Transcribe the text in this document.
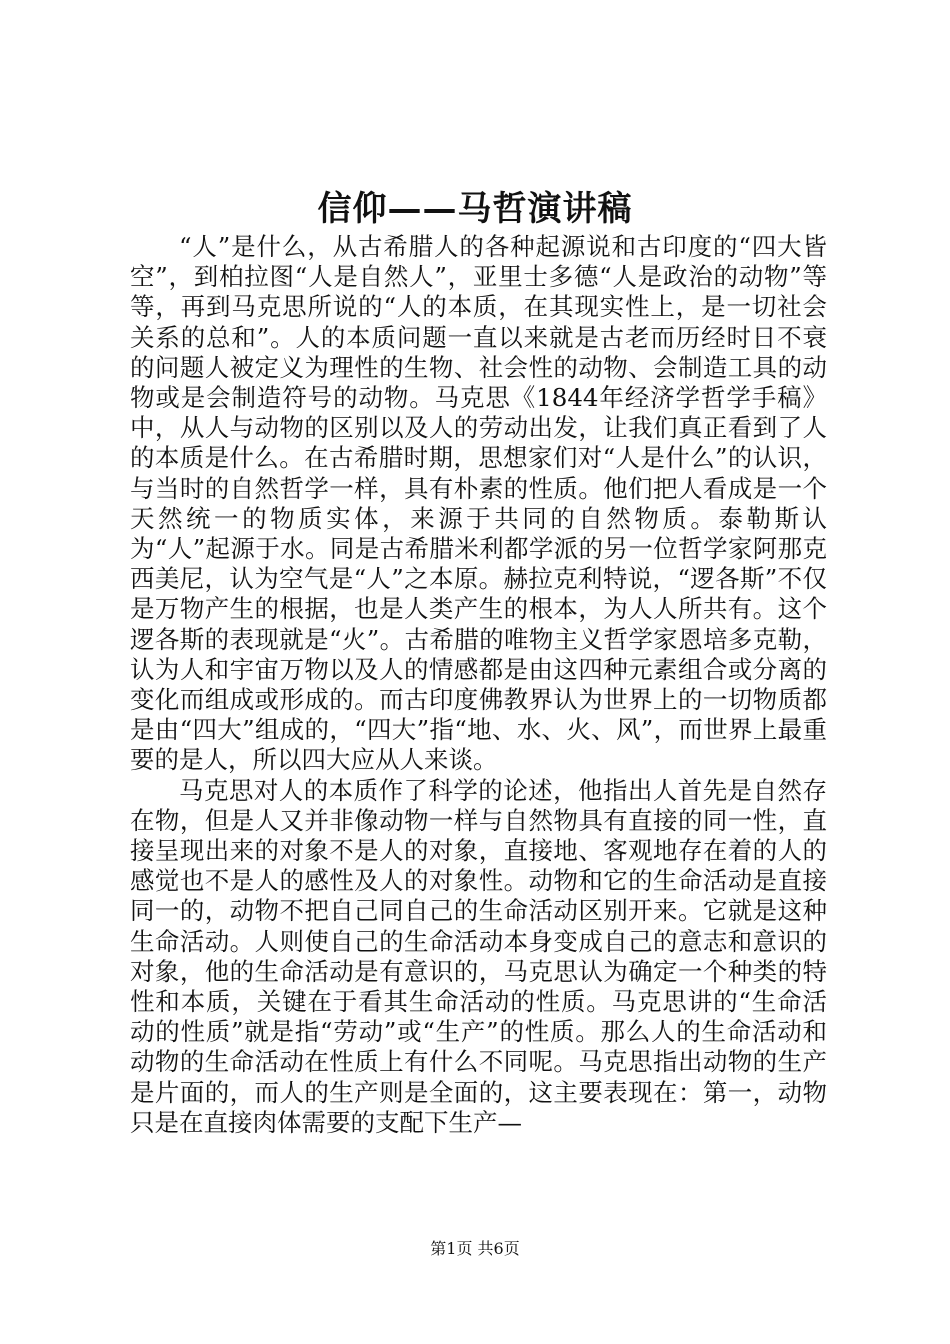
信仰——马哲演讲稿

“人”是什么，从古希腊人的各种起源说和古印度的“四大皆空”，到柏拉图“人是自然人”，亚里士多德“人是政治的动物”等等，再到马克思所说的“人的本质，在其现实性上，是一切社会关系的总和”。人的本质问题一直以来就是古老而历经时日不衰的问题人被定义为理性的生物、社会性的动物、会制造工具的动物或是会制造符号的动物。马克思《1844年经济学哲学手稿》中，从人与动物的区别以及人的劳动出发，让我们真正看到了人的本质是什么。在古希腊时期，思想家们对“人是什么”的认识，与当时的自然哲学一样，具有朴素的性质。他们把人看成是一个天然统一的物质实体，来源于共同的自然物质。泰勒斯认为“人”起源于水。同是古希腊米利都学派的另一位哲学家阿那克西美尼，认为空气是“人”之本原。赫拉克利特说，“逻各斯”不仅是万物产生的根据，也是人类产生的根本，为人人所共有。这个逻各斯的表现就是“火”。古希腊的唯物主义哲学家恩培多克勒，认为人和宇宙万物以及人的情感都是由这四种元素组合或分离的变化而组成或形成的。而古印度佛教界认为世界上的一切物质都是由“四大”组成的，“四大”指“地、水、火、风”，而世界上最重要的是人，所以四大应从人来谈。

马克思对人的本质作了科学的论述，他指出人首先是自然存在物，但是人又并非像动物一样与自然物具有直接的同一性，直接呈现出来的对象不是人的对象，直接地、客观地存在着的人的感觉也不是人的感性及人的对象性。动物和它的生命活动是直接同一的，动物不把自己同自己的生命活动区别开来。它就是这种生命活动。人则使自己的生命活动本身变成自己的意志和意识的对象，他的生命活动是有意识的，马克思认为确定一个种类的特性和本质，关键在于看其生命活动的性质。马克思讲的“生命活动的性质”就是指“劳动”或“生产”的性质。那么人的生命活动和动物的生命活动在性质上有什么不同呢。马克思指出动物的生产是片面的，而人的生产则是全面的，这主要表现在：第一，动物只是在直接肉体需要的支配下生产—

第1页 共6页
